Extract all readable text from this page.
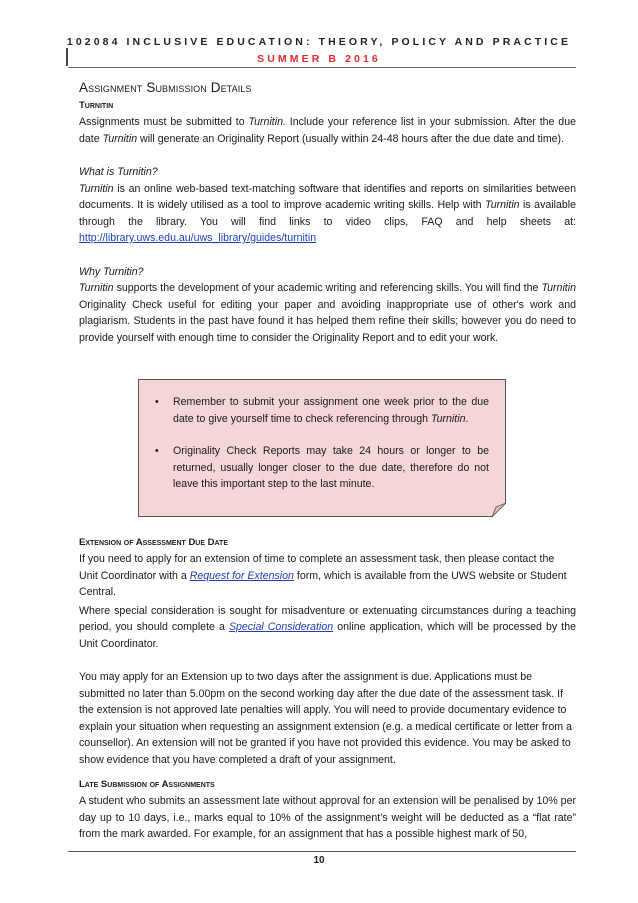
102084 INCLUSIVE EDUCATION: THEORY, POLICY AND PRACTICE
SUMMER B 2016
Assignment Submission Details
Turnitin

Assignments must be submitted to Turnitin. Include your reference list in your submission. After the due date Turnitin will generate an Originality Report (usually within 24-48 hours after the due date and time).

What is Turnitin?

Turnitin is an online web-based text-matching software that identifies and reports on similarities between documents. It is widely utilised as a tool to improve academic writing skills. Help with Turnitin is available through the library. You will find links to video clips, FAQ and help sheets at: http://library.uws.edu.au/uws_library/guides/turnitin

Why Turnitin?

Turnitin supports the development of your academic writing and referencing skills. You will find the Turnitin Originality Check useful for editing your paper and avoiding inappropriate use of other's work and plagiarism. Students in the past have found it has helped them refine their skills; however you do need to provide yourself with enough time to consider the Originality Report and to edit your work.

Extension of Assessment Due Date

If you need to apply for an extension of time to complete an assessment task, then please contact the Unit Coordinator with a Request for Extension form, which is available from the UWS website or Student Central.

Where special consideration is sought for misadventure or extenuating circumstances during a teaching period, you should complete a Special Consideration online application, which will be processed by the Unit Coordinator.

You may apply for an Extension up to two days after the assignment is due. Applications must be submitted no later than 5.00pm on the second working day after the due date of the assessment task. If the extension is not approved late penalties will apply. You will need to provide documentary evidence to explain your situation when requesting an assignment extension (e.g. a medical certificate or letter from a counsellor). An extension will not be granted if you have not provided this evidence. You may be asked to show evidence that you have completed a draft of your assignment.

Late Submission of Assignments

A student who submits an assessment late without approval for an extension will be penalised by 10% per day up to 10 days, i.e., marks equal to 10% of the assignment’s weight will be deducted as a “flat rate” from the mark awarded. For example, for an assignment that has a possible highest mark of 50,

• Remember to submit your assignment one week prior to the due date to give yourself time to check referencing through Turnitin.
• Originality Check Reports may take 24 hours or longer to be returned, usually longer closer to the due date, therefore do not leave this important step to the last minute.
10
